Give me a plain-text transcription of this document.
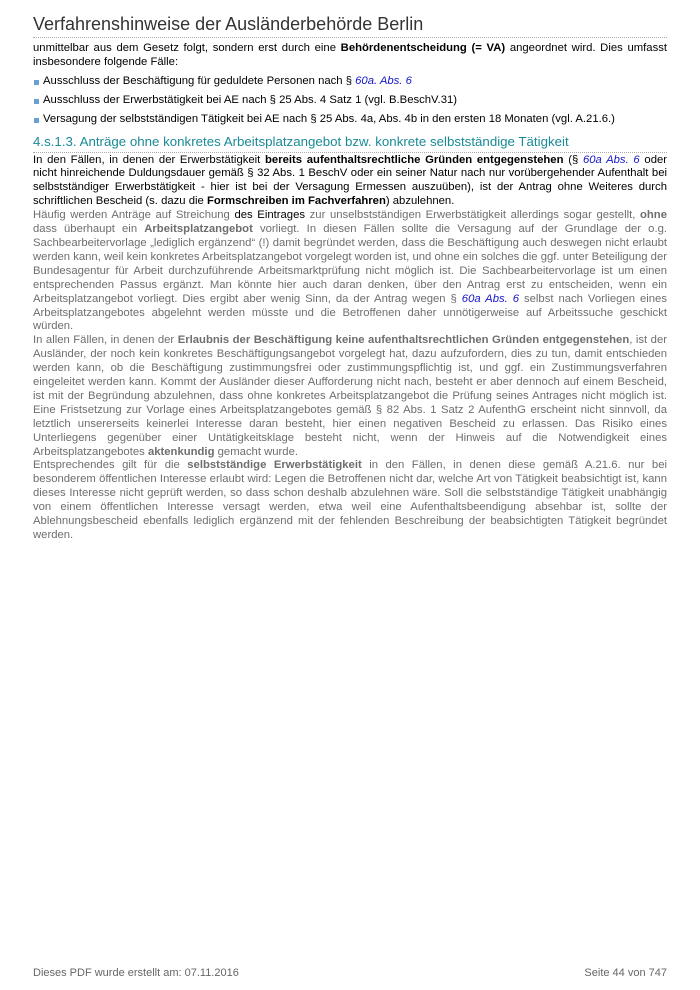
Verfahrenshinweise der Ausländerbehörde Berlin

unmittelbar aus dem Gesetz folgt, sondern erst durch eine Behördenentscheidung (= VA) angeordnet wird. Dies umfasst insbesondere folgende Fälle:

Ausschluss der Beschäftigung für geduldete Personen nach § 60a. Abs. 6
Ausschluss der Erwerbstätigkeit bei AE nach § 25 Abs. 4 Satz 1 (vgl. B.BeschV.31)
Versagung der selbstständigen Tätigkeit bei AE nach § 25 Abs. 4a, Abs. 4b in den ersten 18 Monaten (vgl. A.21.6.)
4.s.1.3. Anträge ohne konkretes Arbeitsplatzangebot bzw. konkrete selbstständige Tätigkeit

In den Fällen, in denen der Erwerbstätigkeit bereits aufenthaltsrechtliche Gründen entgegenstehen (§ 60a Abs. 6 oder nicht hinreichende Duldungsdauer gemäß § 32 Abs. 1 BeschV oder ein seiner Natur nach nur vorübergehender Aufenthalt bei selbstständiger Erwerbstätigkeit - hier ist bei der Versagung Ermessen auszuüben), ist der Antrag ohne Weiteres durch schriftlichen Bescheid (s. dazu die Formschreiben im Fachverfahren) abzulehnen.

Häufig werden Anträge auf Streichung des Eintrages zur unselbstständigen Erwerbstätigkeit allerdings sogar gestellt, ohne dass überhaupt ein Arbeitsplatzangebot vorliegt. In diesen Fällen sollte die Versagung auf der Grundlage der o.g. Sachbearbeitervorlage „lediglich ergänzend“ (!) damit begründet werden, dass die Beschäftigung auch deswegen nicht erlaubt werden kann, weil kein konkretes Arbeitsplatzangebot vorgelegt worden ist, und ohne ein solches die ggf. unter Beteiligung der Bundesagentur für Arbeit durchzuführende Arbeitsmarktprüfung nicht möglich ist. Die Sachbearbeitervorlage ist um einen entsprechenden Passus ergänzt. Man könnte hier auch daran denken, über den Antrag erst zu entscheiden, wenn ein Arbeitsplatzangebot vorliegt. Dies ergibt aber wenig Sinn, da der Antrag wegen § 60a Abs. 6 selbst nach Vorliegen eines Arbeitsplatzangebotes abgelehnt werden müsste und die Betroffenen daher unnötigerweise auf Arbeitssuche geschickt würden.

In allen Fällen, in denen der Erlaubnis der Beschäftigung keine aufenthaltsrechtlichen Gründen entgegenstehen, ist der Ausländer, der noch kein konkretes Beschäftigungsangebot vorgelegt hat, dazu aufzufordern, dies zu tun, damit entschieden werden kann, ob die Beschäftigung zustimmungsfrei oder zustimmungspflichtig ist, und ggf. ein Zustimmungsverfahren eingeleitet werden kann. Kommt der Ausländer dieser Aufforderung nicht nach, besteht er aber dennoch auf einem Bescheid, ist mit der Begründung abzulehnen, dass ohne konkretes Arbeitsplatzangebot die Prüfung seines Antrages nicht möglich ist. Eine Fristsetzung zur Vorlage eines Arbeitsplatzangebotes gemäß § 82 Abs. 1 Satz 2 AufenthG erscheint nicht sinnvoll, da letztlich unsererseits keinerlei Interesse daran besteht, hier einen negativen Bescheid zu erlassen. Das Risiko eines Unterliegens gegenüber einer Untätigkeitsklage besteht nicht, wenn der Hinweis auf die Notwendigkeit eines Arbeitsplatzangebotes aktenkundig gemacht wurde.

Entsprechendes gilt für die selbstständige Erwerbstätigkeit in den Fällen, in denen diese gemäß A.21.6. nur bei besonderem öffentlichen Interesse erlaubt wird: Legen die Betroffenen nicht dar, welche Art von Tätigkeit beabsichtigt ist, kann dieses Interesse nicht geprüft werden, so dass schon deshalb abzulehnen wäre. Soll die selbstständige Tätigkeit unabhängig von einem öffentlichen Interesse versagt werden, etwa weil eine Aufenthaltsbeendigung absehbar ist, sollte der Ablehnungsbescheid ebenfalls lediglich ergänzend mit der fehlenden Beschreibung der beabsichtigten Tätigkeit begründet werden.

Dieses PDF wurde erstellt am: 07.11.2016	Seite 44 von 747
